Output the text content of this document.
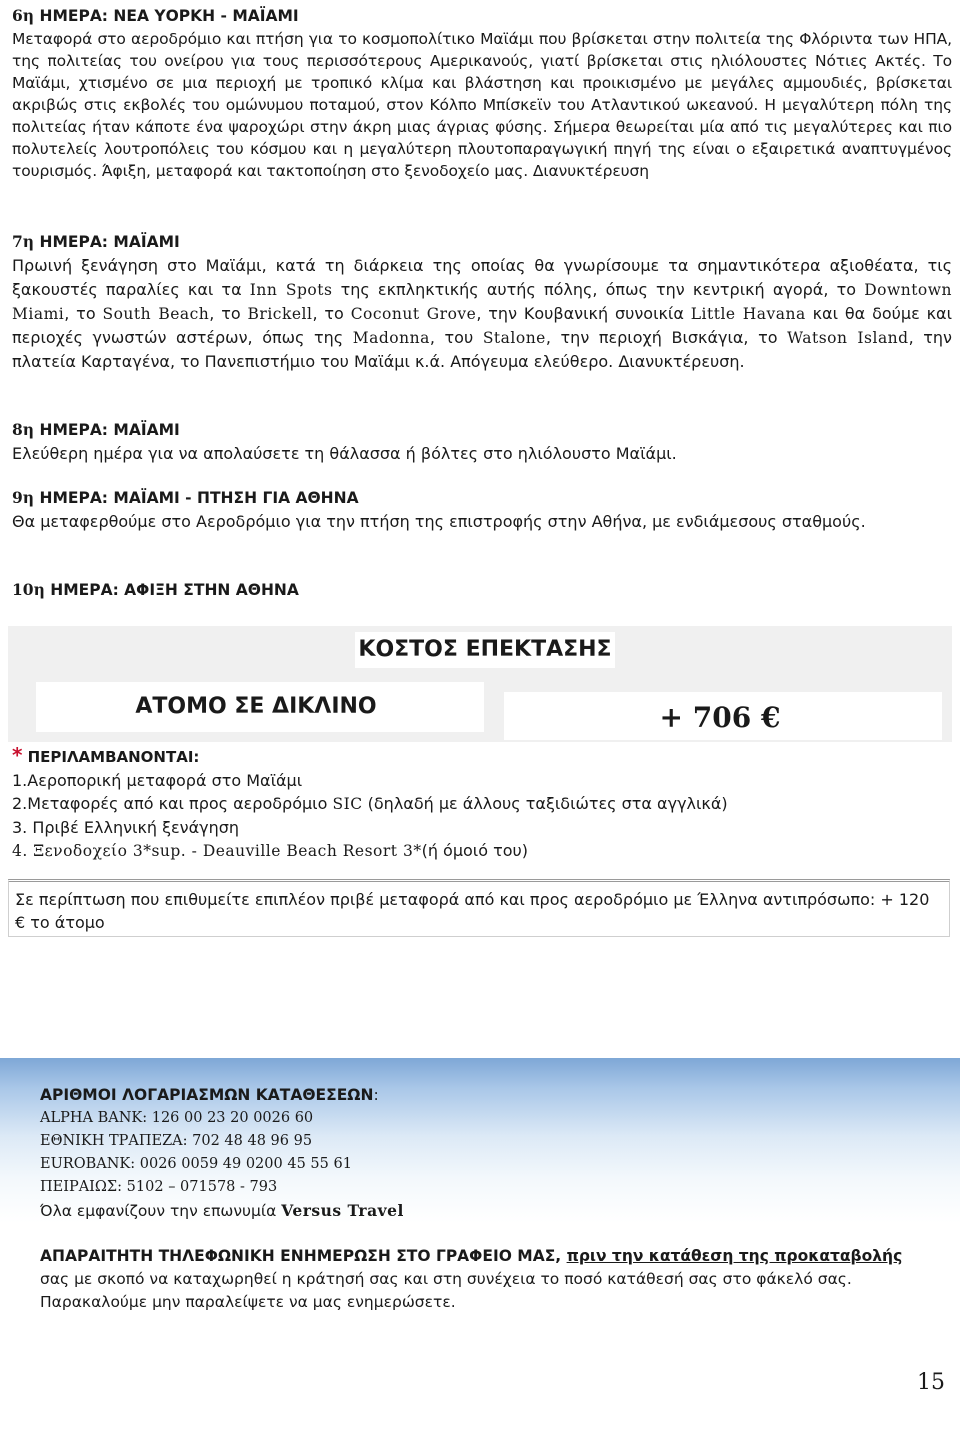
6η ΗΜΕΡΑ: ΝΕΑ ΥΟΡΚΗ - ΜΑΪΑΜΙ
Μεταφορά στο αεροδρόμιο και πτήση για το κοσμοπολίτικο Μαϊάμι που βρίσκεται στην πολιτεία της Φλόριντα των ΗΠΑ, της πολιτείας του ονείρου για τους περισσότερους Αμερικανούς, γιατί βρίσκεται στις ηλιόλουστες Νότιες Ακτές. Το Μαϊάμι, χτισμένο σε μια περιοχή με τροπικό κλίμα και βλάστηση και προικισμένο με μεγάλες αμμουδιές, βρίσκεται ακριβώς στις εκβολές του ομώνυμου ποταμού, στον Κόλπο Μπίσκεϊν του Ατλαντικού ωκεανού. Η μεγαλύτερη πόλη της πολιτείας ήταν κάποτε ένα ψαροχώρι στην άκρη μιας άγριας φύσης. Σήμερα θεωρείται μία από τις μεγαλύτερες και πιο πολυτελείς λουτροπόλεις του κόσμου και η μεγαλύτερη πλουτοπαραγωγική πηγή της είναι ο εξαιρετικά αναπτυγμένος τουρισμός. Άφιξη, μεταφορά και τακτοποίηση στο ξενοδοχείο μας. Διανυκτέρευση
7η ΗΜΕΡΑ: ΜΑΪΑΜΙ
Πρωινή ξενάγηση στο Μαϊάμι, κατά τη διάρκεια της οποίας θα γνωρίσουμε τα σημαντικότερα αξιοθέατα, τις ξακουστές παραλίες και τα Inn Spots της εκπληκτικής αυτής πόλης, όπως την κεντρική αγορά, το Downtown Miami, το South Beach, το Brickell, το Coconut Grove, την Κουβανική συνοικία Little Havana και θα δούμε και περιοχές γνωστών αστέρων, όπως της Madonna, του Stalone, την περιοχή Βισκάγια, το Watson Island, την πλατεία Καρταγένα, το Πανεπιστήμιο του Μαϊάμι κ.ά. Απόγευμα ελεύθερο. Διανυκτέρευση.
8η ΗΜΕΡΑ: ΜΑΪΑΜΙ
Ελεύθερη ημέρα για να απολαύσετε τη θάλασσα ή βόλτες στο ηλιόλουστο Μαϊάμι.
9η ΗΜΕΡΑ: ΜΑΪΑΜΙ - ΠΤΗΣΗ ΓΙΑ ΑΘΗΝΑ
Θα μεταφερθούμε στο Αεροδρόμιο για την πτήση της επιστροφής στην Αθήνα, με ενδιάμεσους σταθμούς.
10η ΗΜΕΡΑ: ΑΦΙΞΗ ΣΤΗΝ ΑΘΗΝΑ
ΚΟΣΤΟΣ ΕΠΕΚΤΑΣΗΣ
ΑΤΟΜΟ ΣΕ ΔΙΚΛΙΝΟ	+ 706 €
* ΠΕΡΙΛΑΜΒΑΝΟΝΤΑΙ:
1.Αεροπορική μεταφορά στο Μαϊάμι
2.Μεταφορές από και προς αεροδρόμιο SIC (δηλαδή με άλλους ταξιδιώτες στα αγγλικά)
3. Πριβέ Ελληνική ξενάγηση
4. Ξενοδοχείο 3*sup. - Deauville Beach Resort 3*(ή όμοιό του)
Σε περίπτωση που επιθυμείτε επιπλέον πριβέ μεταφορά από και προς αεροδρόμιο με Έλληνα αντιπρόσωπο: + 120 € το άτομο
ΑΡΙΘΜΟΙ ΛΟΓΑΡΙΑΣΜΩΝ ΚΑΤΑΘΕΣΕΩΝ:
ALPHA BANK: 126 00 23 20 0026 60
ΕΘΝΙΚΗ ΤΡΑΠΕΖΑ: 702 48 48 96 95
EUROBANK: 0026 0059 49 0200 45 55 61
ΠΕΙΡΑΙΩΣ: 5102 – 071578 - 793
Όλα εμφανίζουν την επωνυμία Versus Travel
ΑΠΑΡΑΙΤΗΤΗ ΤΗΛΕΦΩΝΙΚΗ ΕΝΗΜΕΡΩΣΗ ΣΤΟ ΓΡΑΦΕΙΟ ΜΑΣ, πριν την κατάθεση της προκαταβολής
σας με σκοπό να καταχωρηθεί η κράτησή σας και στη συνέχεια το ποσό κατάθεσή σας στο φάκελό σας.
Παρακαλούμε μην παραλείψετε να μας ενημερώσετε.
15
